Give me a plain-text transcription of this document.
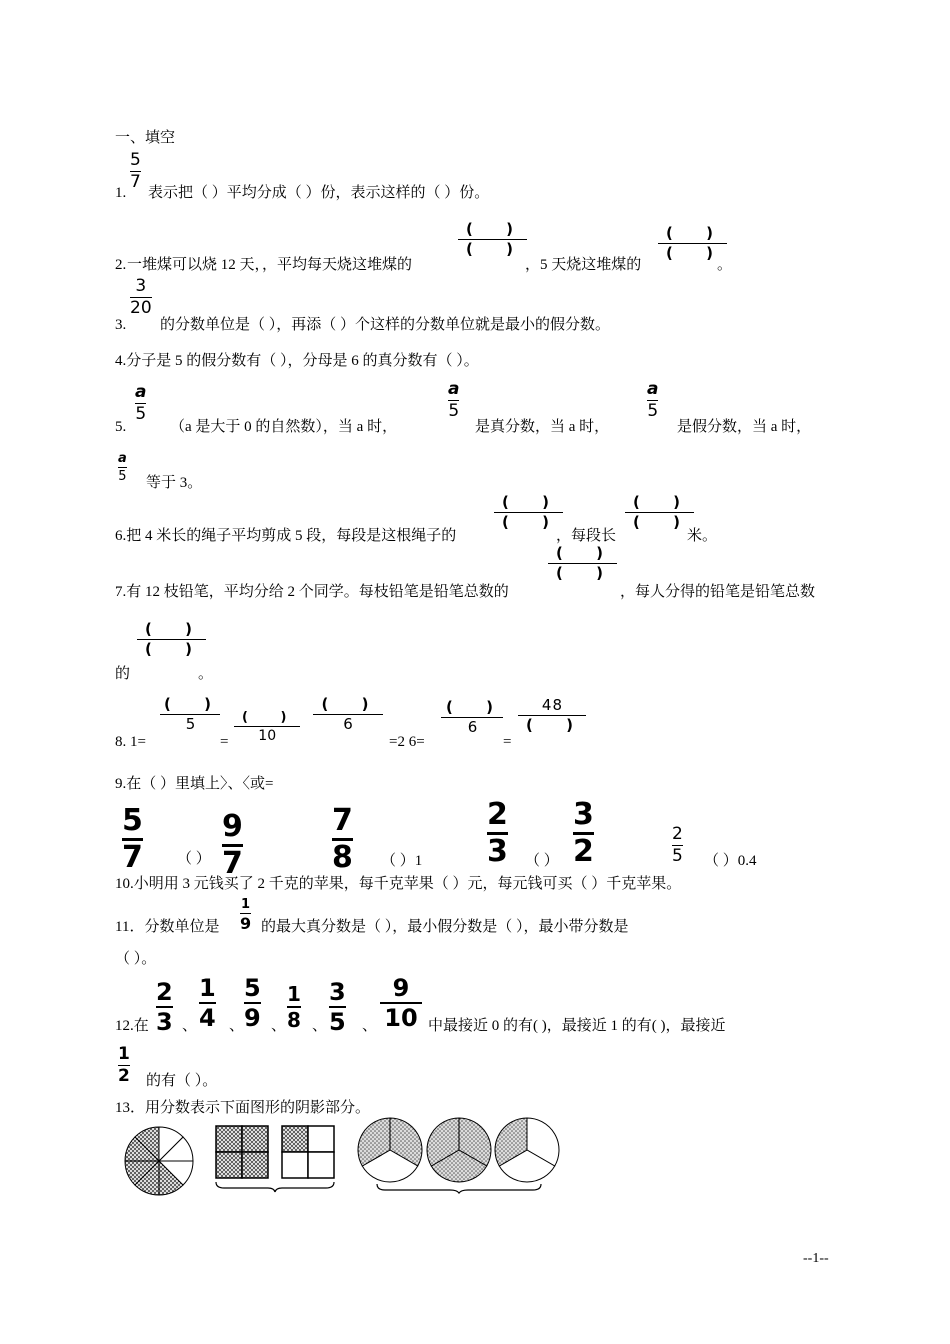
一、填空
5
7
1. 表示把（ ）平均分成（ ）份，表示这样的（ ）份。
2. 一堆煤可以烧 12 天，，平均每天烧这堆煤的
( )
( )
，5 天烧这堆煤的
( )
( )
。
3
20
3. 的分数单位是（ ），再添（ ）个这样的分数单位就是最小的假分数。
4.分子是 5 的假分数有（ ），分母是 6 的真分数有（ ）。
a
5
5.	（a 是大于 0 的自然数），当 a 时，
a
5
是真分数，当 a 时，
a
5
是假分数，当 a 时，
a
5 等于 3。
6.把 4 米长的绳子平均剪成 5 段，每段是这根绳子的
( )
( )
，每段长
( )
( )
米。
7.有 12 枝铅笔，平均分给 2 个同学。每枝铅笔是铅笔总数的
( )
( )
，每人分得的铅笔是铅笔总数
( )
( )
的	。
8. 1=
( )
5
=
( )
10
( )
6
=2 6=
( )
6
=
48
( )
9.在（ ）里填上〉、〈或=
5
7 （ ）
9
7
7
8 （ ）1
2
3 （ ）
3
2	2
5 （ ）0.4
10.小明用 3 元钱买了 2 千克的苹果，每千克苹果（ ）元，每元钱可买（ ）千克苹果。
11．分数单位是
1
9 的最大真分数是（ ），最小假分数是（ ），最小带分数是
（ ）。
12.在
2
3 、
1
4 、
5
9 、
1
8 、
3
5 、
9
10 中最接近 0 的有( )，最接近 1 的有( )，最接近
1
2 的有（ ）。
13．用分数表示下面图形的阴影部分。
--1--
